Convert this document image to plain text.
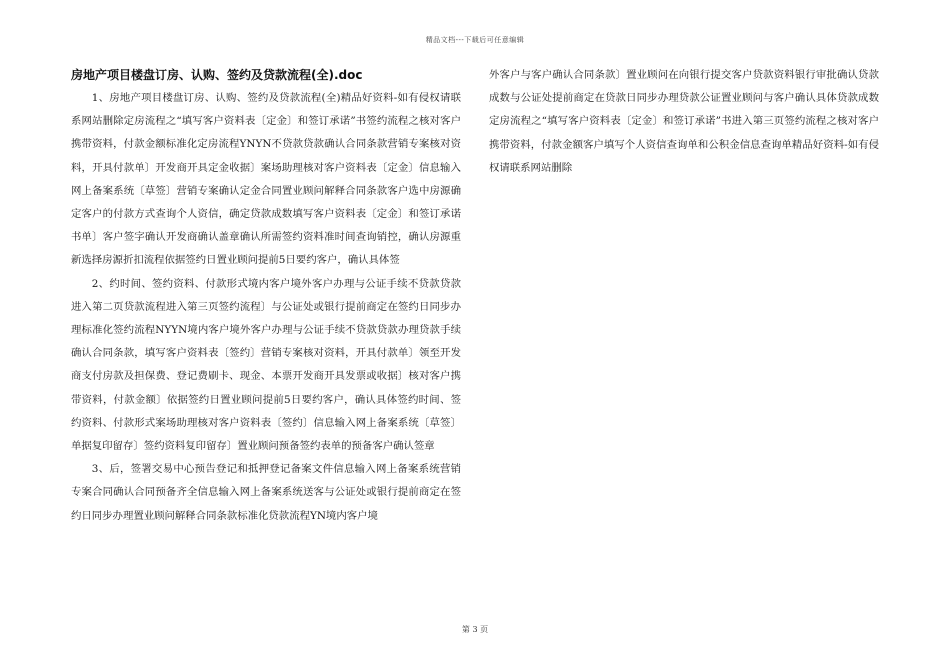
精品文档---下载后可任意编辑
房地产项目楼盘订房、认购、签约及贷款流程(全).doc

1、房地产项目楼盘订房、认购、签约及贷款流程(全)精品好资料-如有侵权请联系网站删除定房流程之“填写客户资料表〔定金〕和签订承诺”书签约流程之核对客户携带资料，付款金额标准化定房流程YNYN不贷款贷款确认合同条款营销专案核对资料，开具付款单〕开发商开具定金收据〕案场助理核对客户资料表〔定金〕信息输入网上备案系统〔草签〕营销专案确认定金合同置业顾问解释合同条款客户选中房源确定客户的付款方式查询个人资信，确定贷款成数填写客户资料表〔定金〕和签订承诺书单〕客户签字确认开发商确认盖章确认所需签约资料准时间查询销控，确认房源重新选择房源折扣流程依据签约日置业顾问提前5日要约客户，确认具体签

2、约时间、签约资料、付款形式境内客户境外客户办理与公证手续不贷款贷款进入第二页贷款流程进入第三页签约流程〕与公证处或银行提前商定在签约日同步办理标准化签约流程NYYN境内客户境外客户办理与公证手续不贷款贷款办理贷款手续确认合同条款，填写客户资料表〔签约〕营销专案核对资料，开具付款单〕领至开发商支付房款及担保费、登记费刷卡、现金、本票开发商开具发票或收据〕核对客户携带资料，付款金额〕依据签约日置业顾问提前5日要约客户，确认具体签约时间、签约资料、付款形式案场助理核对客户资料表〔签约〕信息输入网上备案系统〔草签〕单据复印留存〕签约资料复印留存〕置业顾问预备签约表单的预备客户确认签章

3、后，签署交易中心预告登记和抵押登记备案文件信息输入网上备案系统营销专案合同确认合同预备齐全信息输入网上备案系统送客与公证处或银行提前商定在签约日同步办理置业顾问解释合同条款标准化贷款流程YN境内客户境

外客户与客户确认合同条款〕置业顾问在向银行提交客户贷款资料银行审批确认贷款成数与公证处提前商定在贷款日同步办理贷款公证置业顾问与客户确认具体贷款成数定房流程之“填写客户资料表〔定金〕和签订承诺”书进入第三页签约流程之核对客户携带资料，付款金额客户填写个人资信查询单和公积金信息查询单精品好资料-如有侵权请联系网站删除

第 3 页
